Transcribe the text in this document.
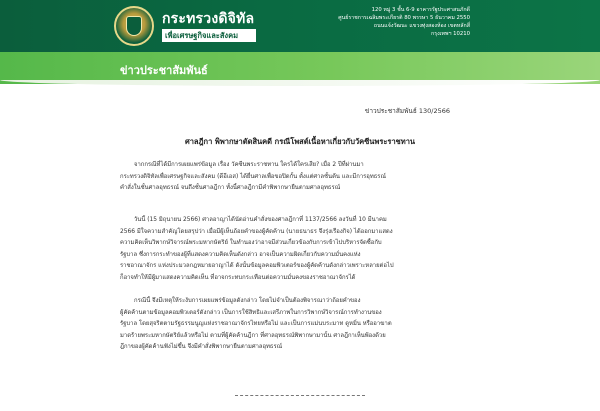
กระทรวงดิจิทัล
เพื่อเศรษฐกิจและสังคม
120 หมู่ 3 ชั้น 6-9 อาคารรัฐประศาสนภักดี
ศูนย์ราชการเฉลิมพระเกียรติ 80 พรรษา 5 ธันวาคม 2550
ถนนแจ้งวัฒนะ แขวงทุ่งสองห้อง เขตหลักสี่
กรุงเทพฯ 10210
ข่าวประชาสัมพันธ์
ข่าวประชาสัมพันธ์ 130/2566
ศาลฎีกา พิพากษาตัดสินคดี กรณีโพสต์เนื้อหาเกี่ยวกับวัคซีนพระราชทาน
จากกรณีที่ได้มีการเผยแพร่ข้อมูล เรื่อง วัคซีนพระราชทาน ใครได้ใครเสีย? เมื่อ 2 ปีที่ผ่านมา
กระทรวงดิจิทัลเพื่อเศรษฐกิจและสังคม (ดีอีเอส) ได้ยื่นศาลเพื่อขอปิดกั้น ตั้งแต่ศาลชั้นต้น และมีการอุทธรณ์
คำสั่งในชั้นศาลอุทธรณ์ จนถึงชั้นศาลฎีกา ทั้งนี้ศาลฎีกามีคำพิพากษายืนตามศาลอุทธรณ์
วันนี้ (15 มิถุนายน 2566) ศาลอาญาได้นัดอ่านคำสั่งของศาลฎีกาที่ 1137/2566 ลงวันที่ 10 มีนาคม
2566 มีใจความสำคัญโดยสรุปว่า เมื่อมีผู้เห็นถ้อยคำของผู้คัดค้าน (นายธนาธร จึงรุ่งเรืองกิจ) ได้ออกมาแสดง
ความคิดเห็นวิพากษ์วิจารณ์พระมหากษัตริย์ ในทำนองว่าอาจมีส่วนเกี่ยวข้องกับการเข้าไปบริหารจัดซื้อกับ
รัฐบาล ซึ่งการกระทำของผู้ที่แสดงความคิดเห็นดังกล่าว อาจเป็นความผิดเกี่ยวกับความมั่นคงแห่ง
ราชอาณาจักร แห่งประมวลกฎหมายอาญาได้ ดังนั้นข้อมูลคอมพิวเตอร์ของผู้คัดค้านดังกล่าวเพราะหลายต่อไป
ก็อาจทำให้มีผู้มาแสดงความคิดเห็น ที่อาจกระทบกระเทือนต่อความมั่นคงของราชอาณาจักรได้
กรณีนี้ จึงมีเหตุให้ระงับการเผยแพร่ข้อมูลดังกล่าว โดยไม่จำเป็นต้องพิจารณาว่าถ้อยคำของ
ผู้คัดค้านตามข้อมูลคอมพิวเตอร์ดังกล่าว เป็นการใช้สิทธิและเสรีภาพในการวิพากษ์วิจารณ์การทำงานของ
รัฐบาล โดยสุจริตตามรัฐธรรมนูญแห่งราชอาณาจักรไทยหรือไม่ และเป็นการแม่นบระมาท ดูหมิ่น หรืออาฆาต
มาดร้ายพระมหากษัตริย์แล้วหรือไม่ ตามที่ผู้คัดค้านฎีกา ที่ศาลอุทธรณ์พิพากษามานั้น ศาลฎีกาเห็นพ้องด้วย
ฎีกาของผู้คัดค้านฟังไม่ขึ้น จึงมีคำสั่งพิพากษายืนตามศาลอุทธรณ์
